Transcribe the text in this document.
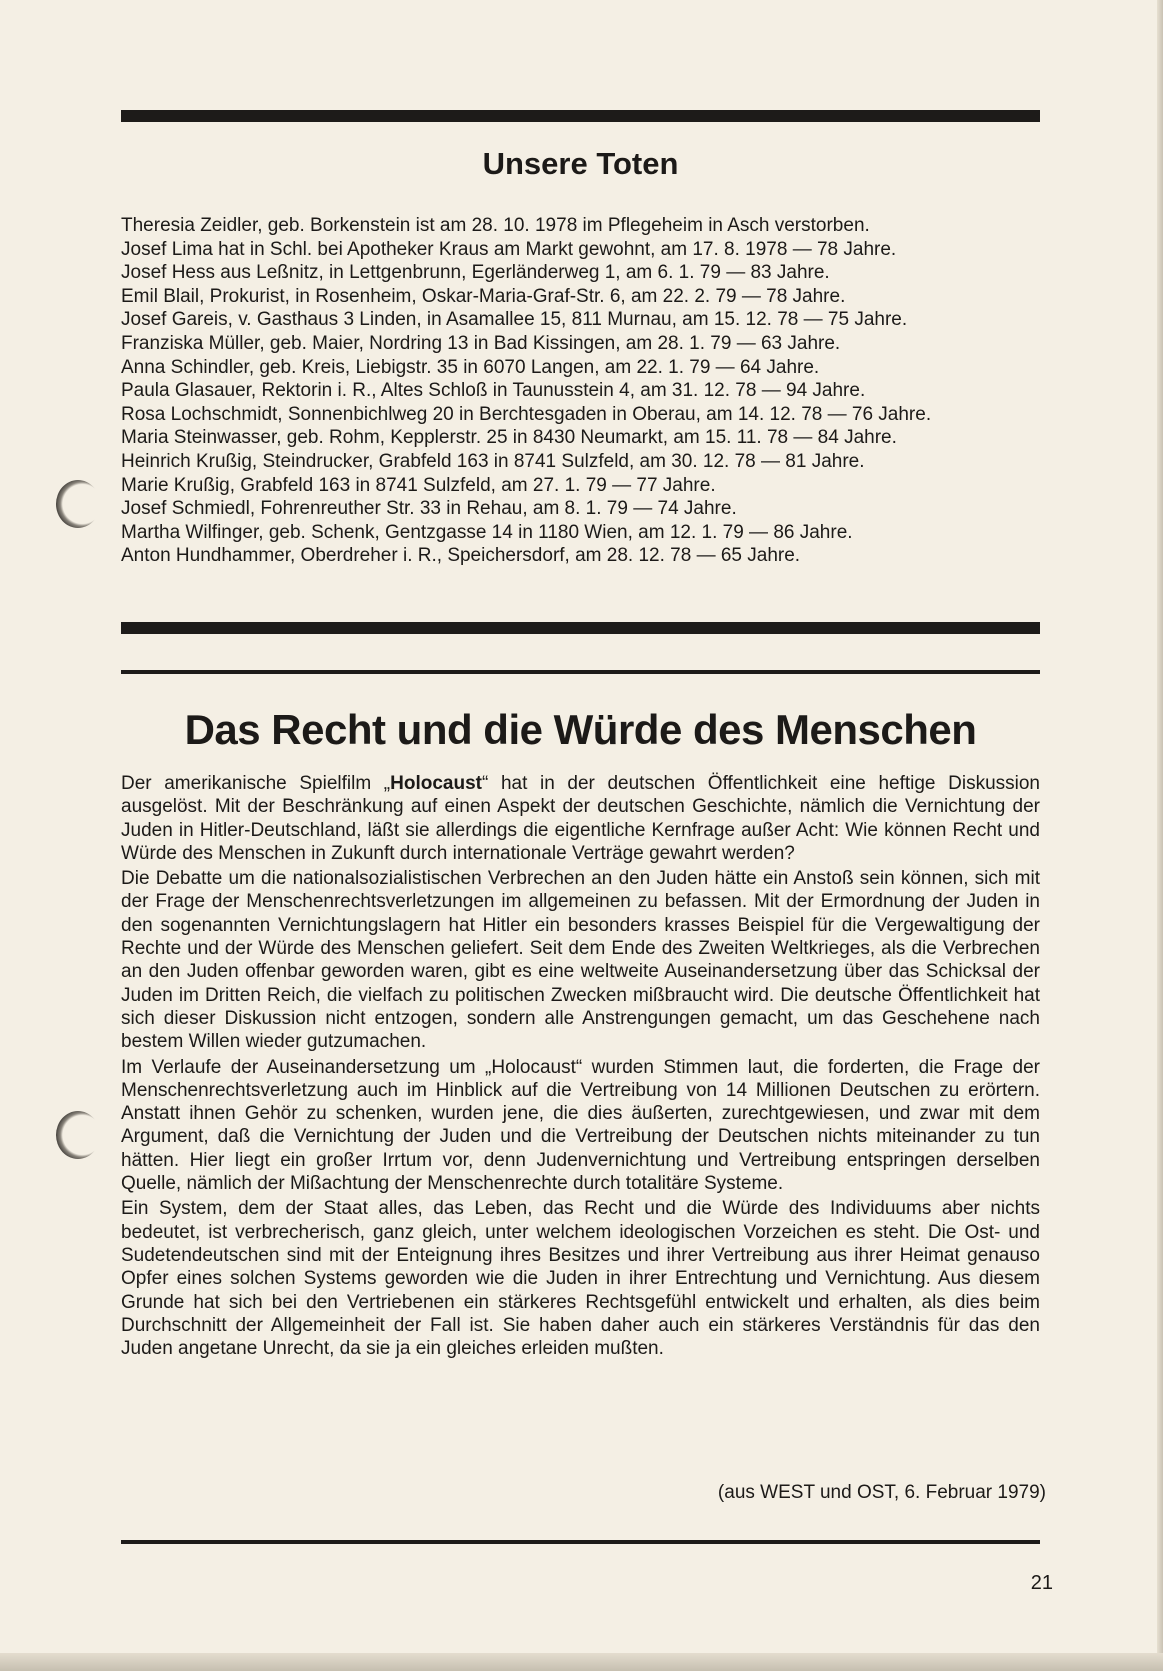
Unsere Toten
Theresia Zeidler, geb. Borkenstein ist am 28. 10. 1978 im Pflegeheim in Asch verstorben.
Josef Lima hat in Schl. bei Apotheker Kraus am Markt gewohnt, am 17. 8. 1978 — 78 Jahre.
Josef Hess aus Leßnitz, in Lettgenbrunn, Egerländerweg 1, am 6. 1. 79 — 83 Jahre.
Emil Blail, Prokurist, in Rosenheim, Oskar-Maria-Graf-Str. 6, am 22. 2. 79 — 78 Jahre.
Josef Gareis, v. Gasthaus 3 Linden, in Asamallee 15, 811 Murnau, am 15. 12. 78 — 75 Jahre.
Franziska Müller, geb. Maier, Nordring 13 in Bad Kissingen, am 28. 1. 79 — 63 Jahre.
Anna Schindler, geb. Kreis, Liebigstr. 35 in 6070 Langen, am 22. 1. 79 — 64 Jahre.
Paula Glasauer, Rektorin i. R., Altes Schloß in Taunusstein 4, am 31. 12. 78 — 94 Jahre.
Rosa Lochschmidt, Sonnenbichlweg 20 in Berchtesgaden in Oberau, am 14. 12. 78 — 76 Jahre.
Maria Steinwasser, geb. Rohm, Kepplerstr. 25 in 8430 Neumarkt, am 15. 11. 78 — 84 Jahre.
Heinrich Krußig, Steindrucker, Grabfeld 163 in 8741 Sulzfeld, am 30. 12. 78 — 81 Jahre.
Marie Krußig, Grabfeld 163 in 8741 Sulzfeld, am 27. 1. 79 — 77 Jahre.
Josef Schmiedl, Fohrenreuther Str. 33 in Rehau, am 8. 1. 79 — 74 Jahre.
Martha Wilfinger, geb. Schenk, Gentzgasse 14 in 1180 Wien, am 12. 1. 79 — 86 Jahre.
Anton Hundhammer, Oberdreher i. R., Speichersdorf, am 28. 12. 78 — 65 Jahre.
Das Recht und die Würde des Menschen

Der amerikanische Spielfilm „Holocaust“ hat in der deutschen Öffentlichkeit eine heftige Diskussion ausgelöst. Mit der Beschränkung auf einen Aspekt der deutschen Geschichte, nämlich die Vernichtung der Juden in Hitler-Deutschland, läßt sie allerdings die eigentliche Kernfrage außer Acht: Wie können Recht und Würde des Menschen in Zukunft durch internationale Verträge gewahrt werden?

Die Debatte um die nationalsozialistischen Verbrechen an den Juden hätte ein Anstoß sein können, sich mit der Frage der Menschenrechtsverletzungen im allgemeinen zu befassen. Mit der Ermordnung der Juden in den sogenannten Vernichtungslagern hat Hitler ein besonders krasses Beispiel für die Vergewaltigung der Rechte und der Würde des Menschen geliefert. Seit dem Ende des Zweiten Weltkrieges, als die Verbrechen an den Juden offenbar geworden waren, gibt es eine weltweite Auseinandersetzung über das Schicksal der Juden im Dritten Reich, die vielfach zu politischen Zwecken mißbraucht wird. Die deutsche Öffentlichkeit hat sich dieser Diskussion nicht entzogen, sondern alle Anstrengungen gemacht, um das Geschehene nach bestem Willen wieder gutzumachen.

Im Verlaufe der Auseinandersetzung um „Holocaust“ wurden Stimmen laut, die forderten, die Frage der Menschenrechtsverletzung auch im Hinblick auf die Vertreibung von 14 Millionen Deutschen zu erörtern. Anstatt ihnen Gehör zu schenken, wurden jene, die dies äußerten, zurechtgewiesen, und zwar mit dem Argument, daß die Vernichtung der Juden und die Vertreibung der Deutschen nichts miteinander zu tun hätten. Hier liegt ein großer Irrtum vor, denn Judenvernichtung und Vertreibung entspringen derselben Quelle, nämlich der Mißachtung der Menschenrechte durch totalitäre Systeme.

Ein System, dem der Staat alles, das Leben, das Recht und die Würde des Individuums aber nichts bedeutet, ist verbrecherisch, ganz gleich, unter welchem ideologischen Vorzeichen es steht. Die Ost- und Sudetendeutschen sind mit der Enteignung ihres Besitzes und ihrer Vertreibung aus ihrer Heimat genauso Opfer eines solchen Systems geworden wie die Juden in ihrer Entrechtung und Vernichtung. Aus diesem Grunde hat sich bei den Vertriebenen ein stärkeres Rechtsgefühl entwickelt und erhalten, als dies beim Durchschnitt der Allgemeinheit der Fall ist. Sie haben daher auch ein stärkeres Verständnis für das den Juden angetane Unrecht, da sie ja ein gleiches erleiden mußten.

(aus WEST und OST, 6. Februar 1979)
21
